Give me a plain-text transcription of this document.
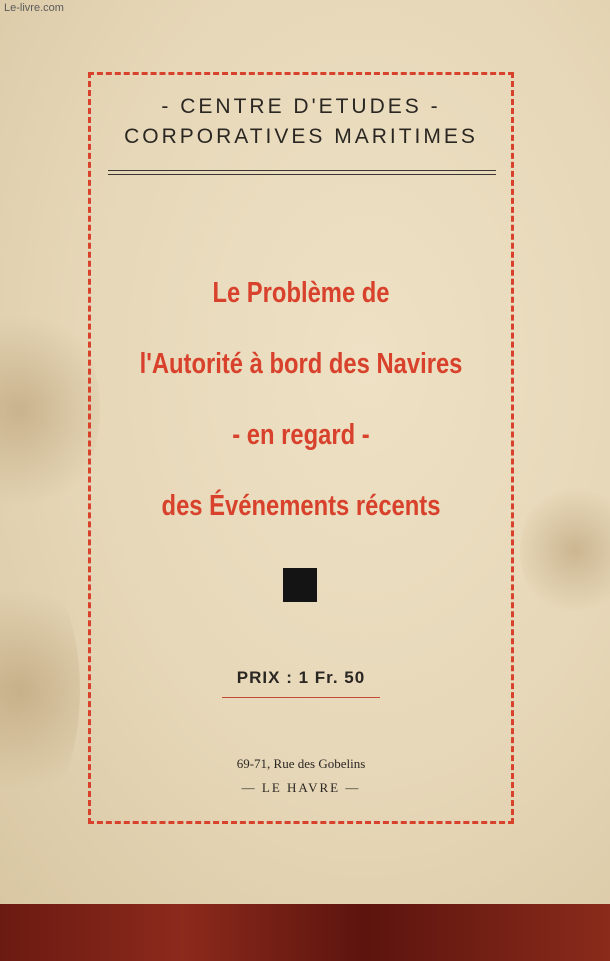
- CENTRE D'ETUDES -
CORPORATIVES MARITIMES
Le Problème de
l'Autorité à bord des Navires
- en regard -
des Événements récents
PRIX : 1 Fr. 50
69-71, Rue des Gobelins
— LE HAVRE —
Le-livre.com
